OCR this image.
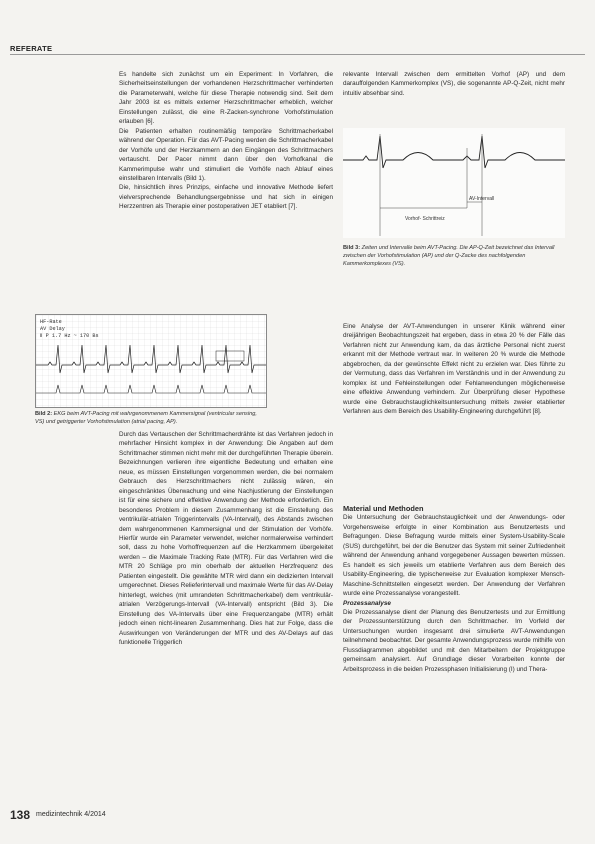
REFERATE

Es handelte sich zunächst um ein Experiment: In Vorfahren, die Sicherheitseinstellungen der vorhandenen Herzschrittmacher verhinderten die Parameterwahl, welche für diese Therapie notwendig sind. Seit dem Jahr 2003 ist es mittels externer Herzschrittmacher erheblich, welcher Einstellungen zulässt, die eine R-Zacken-synchrone Vorhofstimulation erlauben [6].

Die Patienten erhalten routinemäßig temporäre Schrittmacherkabel während der Operation. Für das AVT-Pacing werden die Schrittmacherkabel der Vorhöfe und der Herzkammern an den Eingängen des Schrittmachers vertauscht. Der Pacer nimmt dann über den Vorhofkanal die Kammerimpulse wahr und stimuliert die Vorhöfe nach Ablauf eines einstellbaren Intervalls (Bild 1).

Die, hinsichtlich ihres Prinzips, einfache und innovative Methode liefert vielversprechende Behandlungsergebnisse und hat sich in einigen Herzzentren als Therapie einer postoperativen JET etabliert [7].

HF-Rate
AV Delay
Ⅱ P 1.7 Hz ~ 170 Bs
Bild 2: EKG beim AVT-Pacing mit wahrgenommenem Kammersignal (ventricular sensing, VS) und getriggerter Vorhofstimulation (atrial pacing, AP).

Durch das Vertauschen der Schrittmacherdrähte ist das Verfahren jedoch in mehrfacher Hinsicht komplex in der Anwendung: Die Angaben auf dem Schrittmacher stimmen nicht mehr mit der durchgeführten Therapie überein. Bezeichnungen verlieren ihre eigentliche Bedeutung und erhalten eine neue, es müssen Einstellungen vorgenommen werden, die bei normalem Gebrauch des Herzschrittmachers nicht zulässig wären, ein eingeschränktes Überwachung und eine Nachjustierung der Einstellungen ist für eine sichere und effektive Anwendung der Methode erforderlich. Ein besonderes Problem in diesem Zusammenhang ist die Einstellung des ventrikulär-atrialen Triggerintervalls (VA-Intervall), des Abstands zwischen dem wahrgenommenen Kammersignal und der Stimulation der Vorhöfe. Hierfür wurde ein Parameter verwendet, welcher normalerweise verhindert soll, dass zu hohe Vorhoffrequenzen auf die Herzkammern übergeleitet werden – die Maximale Tracking Rate (MTR). Für das Verfahren wird die MTR 20 Schläge pro min oberhalb der aktuellen Herzfrequenz des Patienten eingestellt. Die gewählte MTR wird dann ein dedizierten Intervall umgerechnet. Dieses Relieferintervall und maximale Werte für das AV-Delay hinterlegt, welches (mit umrandeten Schrittmacherkabel) dem ventrikulär-atrialen Verzögerungs-Intervall (VA-Intervall) entspricht (Bild 3). Die Einstellung des VA-Intervalls über eine Frequenzangabe (MTR) erhält jedoch einen nicht-linearen Zusammenhang. Dies hat zur Folge, dass die Auswirkungen von Veränderungen der MTR und des AV-Delays auf das funktionelle Triggerlich

relevante Intervall zwischen dem ermittelten Vorhof (AP) und dem darauffolgenden Kammerkomplex (VS), die sogenannte AP-Q-Zeit, nicht mehr intuitiv absehbar sind.

AV-Intervall
Vorhof- Schrittreiz
Bild 3: Zeiten und Intervalle beim AVT-Pacing. Die AP-Q-Zeit bezeichnet das Intervall zwischen der Vorhofstimulation (AP) und der Q-Zacke des nachfolgenden Kammerkomplexes (VS).

Eine Analyse der AVT-Anwendungen in unserer Klinik während einer dreijährigen Beobachtungszeit hat ergeben, dass in etwa 20 % der Fälle das Verfahren nicht zur Anwendung kam, da das ärztliche Personal nicht zuerst erkannt mit der Methode vertraut war. In weiteren 20 % wurde die Methode abgebrochen, da der gewünschte Effekt nicht zu erzielen war. Dies führte zu der Vermutung, dass das Verfahren im Verständnis und in der Anwendung zu komplex ist und Fehleinstellungen oder Fehlanwendungen möglicherweise eine effektive Anwendung verhindern. Zur Überprüfung dieser Hypothese wurde eine Gebrauchstauglichkeitsuntersuchung mittels zweier etablierter Verfahren aus dem Bereich des Usability-Engineering durchgeführt [8].

Material und Methoden

Die Untersuchung der Gebrauchstauglichkeit und der Anwendungs- oder Vorgehensweise erfolgte in einer Kombination aus Benutzertests und Befragungen. Diese Befragung wurde mittels einer System-Usability-Scale (SUS) durchgeführt, bei der die Benutzer das System mit seiner Zufriedenheit während der Anwendung anhand vorgegebener Aussagen bewerten müssen. Es handelt es sich jeweils um etablierte Verfahren aus dem Bereich des Usability-Engineering, die typischerweise zur Evaluation komplexer Mensch-Maschine-Schnittstellen eingesetzt werden. Der Anwendung der Verfahren wurde eine Prozessanalyse vorangestellt.

Prozessanalyse

Die Prozessanalyse dient der Planung des Benutzertests und zur Ermittlung der Prozessunterstützung durch den Schrittmacher. Im Vorfeld der Untersuchungen wurden insgesamt drei simulierte AVT-Anwendungen teilnehmend beobachtet. Der gesamte Anwendungsprozess wurde mithilfe von Flussdiagrammen abgebildet und mit den Mitarbeitern der Projektgruppe gemeinsam analysiert. Auf Grundlage dieser Vorarbeiten konnte der Arbeitsprozess in die beiden Prozessphasen Initialisierung (I) und Thera-

138 medizintechnik 4/2014
